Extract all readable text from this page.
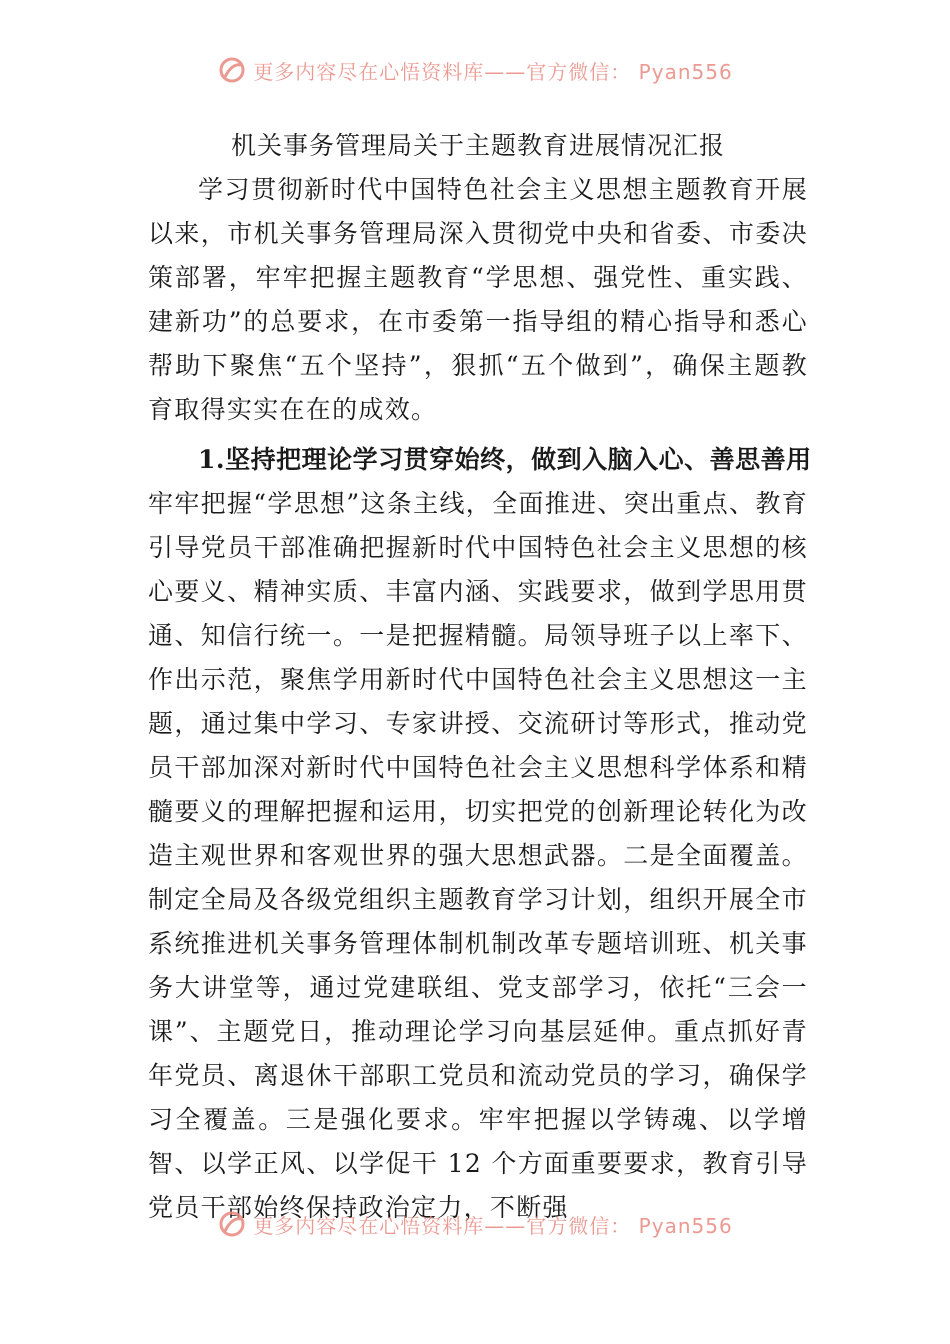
更多内容尽在心悟资料库——官方微信： Pyan556
机关事务管理局关于主题教育进展情况汇报

学习贯彻新时代中国特色社会主义思想主题教育开展以来，市机关事务管理局深入贯彻党中央和省委、市委决策部署，牢牢把握主题教育“学思想、强党性、重实践、建新功”的总要求，在市委第一指导组的精心指导和悉心帮助下聚焦“五个坚持”，狠抓“五个做到”，确保主题教育取得实实在在的成效。

1.坚持把理论学习贯穿始终，做到入脑入心、善思善用

牢牢把握“学思想”这条主线，全面推进、突出重点、教育引导党员干部准确把握新时代中国特色社会主义思想的核心要义、精神实质、丰富内涵、实践要求，做到学思用贯通、知信行统一。一是把握精髓。局领导班子以上率下、作出示范，聚焦学用新时代中国特色社会主义思想这一主题，通过集中学习、专家讲授、交流研讨等形式，推动党员干部加深对新时代中国特色社会主义思想科学体系和精髓要义的理解把握和运用，切实把党的创新理论转化为改造主观世界和客观世界的强大思想武器。二是全面覆盖。制定全局及各级党组织主题教育学习计划，组织开展全市系统推进机关事务管理体制机制改革专题培训班、机关事务大讲堂等，通过党建联组、党支部学习，依托“三会一课”、主题党日，推动理论学习向基层延伸。重点抓好青年党员、离退休干部职工党员和流动党员的学习，确保学习全覆盖。三是强化要求。牢牢把握以学铸魂、以学增智、以学正风、以学促干 12 个方面重要要求，教育引导党员干部始终保持政治定力，不断强

更多内容尽在心悟资料库——官方微信： Pyan556
